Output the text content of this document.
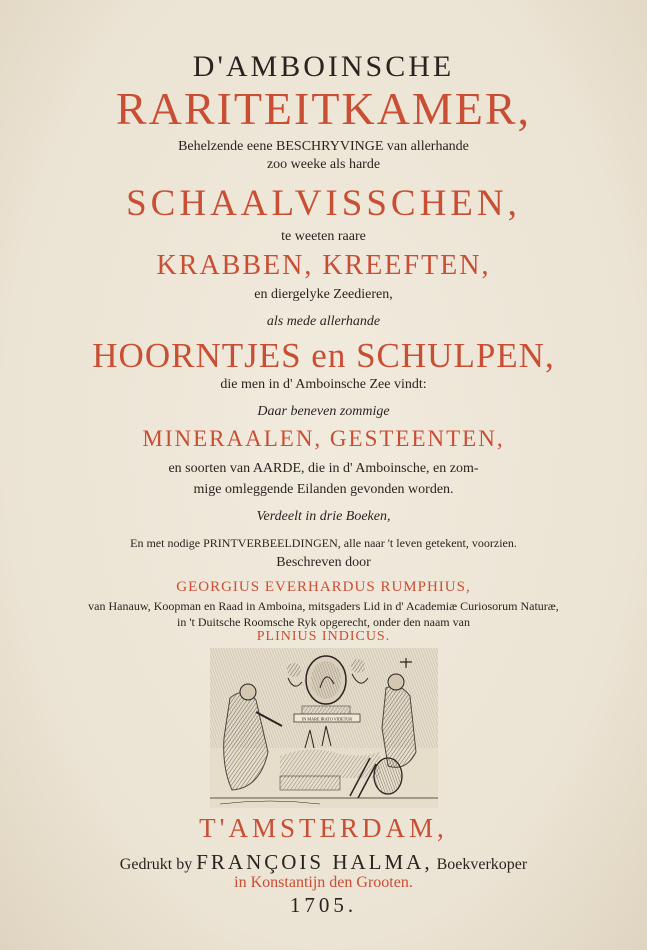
D'AMBOINSCHE
RARITEITKAMER,
Behelzende eene BESCHRYVINGE van allerhande
zoo weeke als harde
SCHAALVISSCHEN,
te weeten raare
KRABBEN, KREEFTEN,
en diergelyke Zeedieren,
als mede allerhande
HOORNTJES en SCHULPEN,
die men in d' Amboinsche Zee vindt:
Daar beneven zommige
MINERAALEN, GESTEENTEN,
en soorten van AARDE, die in d' Amboinsche, en zom-
mige omleggende Eilanden gevonden worden.
Verdeelt in drie Boeken,
En met nodige PRINTVERBEELDINGEN, alle naar 't leven getekent, voorzien.
Beschreven door
GEORGIUS EVERHARDUS RUMPHIUS,
van Hanauw, Koopman en Raad in Amboina, mitsgaders Lid in d' Academiæ Curiosorum Naturæ,
in 't Duitsche Roomsche Ryk opgerecht, onder den naam van
PLINIUS INDICUS.
IN MARE IRATO VIDETUR
T'AMSTERDAM,
Gedrukt by FRANÇOIS HALMA, Boekverkoper
in Konstantijn den Grooten.
1705.
